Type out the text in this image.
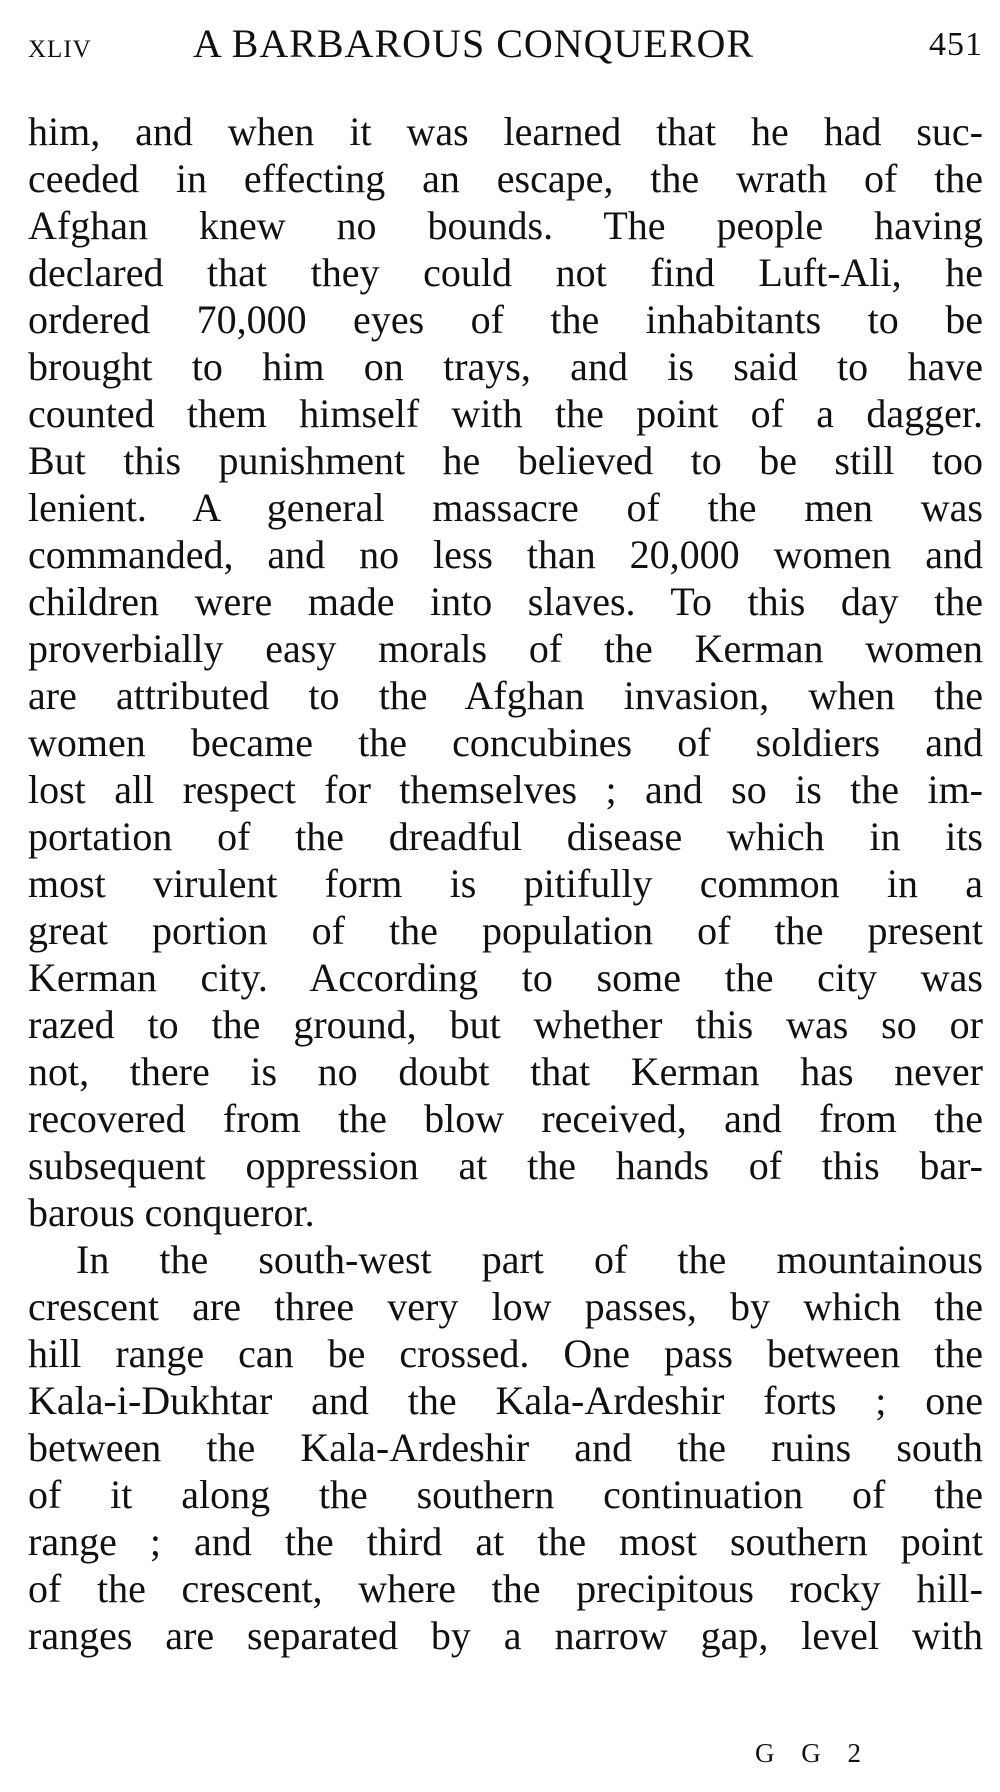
XLIV	A BARBAROUS CONQUEROR	451
him, and when it was learned that he had suc-
ceeded in effecting an escape, the wrath of the
Afghan knew no bounds. The people having
declared that they could not find Luft-Ali, he
ordered 70,000 eyes of the inhabitants to be
brought to him on trays, and is said to have
counted them himself with the point of a dagger.
But this punishment he believed to be still too
lenient. A general massacre of the men was
commanded, and no less than 20,000 women and
children were made into slaves. To this day the
proverbially easy morals of the Kerman women
are attributed to the Afghan invasion, when the
women became the concubines of soldiers and
lost all respect for themselves ; and so is the im-
portation of the dreadful disease which in its
most virulent form is pitifully common in a
great portion of the population of the present
Kerman city. According to some the city was
razed to the ground, but whether this was so or
not, there is no doubt that Kerman has never
recovered from the blow received, and from the
subsequent oppression at the hands of this bar-
barous conqueror.
In the south-west part of the mountainous
crescent are three very low passes, by which the
hill range can be crossed. One pass between the
Kala-i-Dukhtar and the Kala-Ardeshir forts ; one
between the Kala-Ardeshir and the ruins south
of it along the southern continuation of the
range ; and the third at the most southern point
of the crescent, where the precipitous rocky hill-
ranges are separated by a narrow gap, level with
G G 2
